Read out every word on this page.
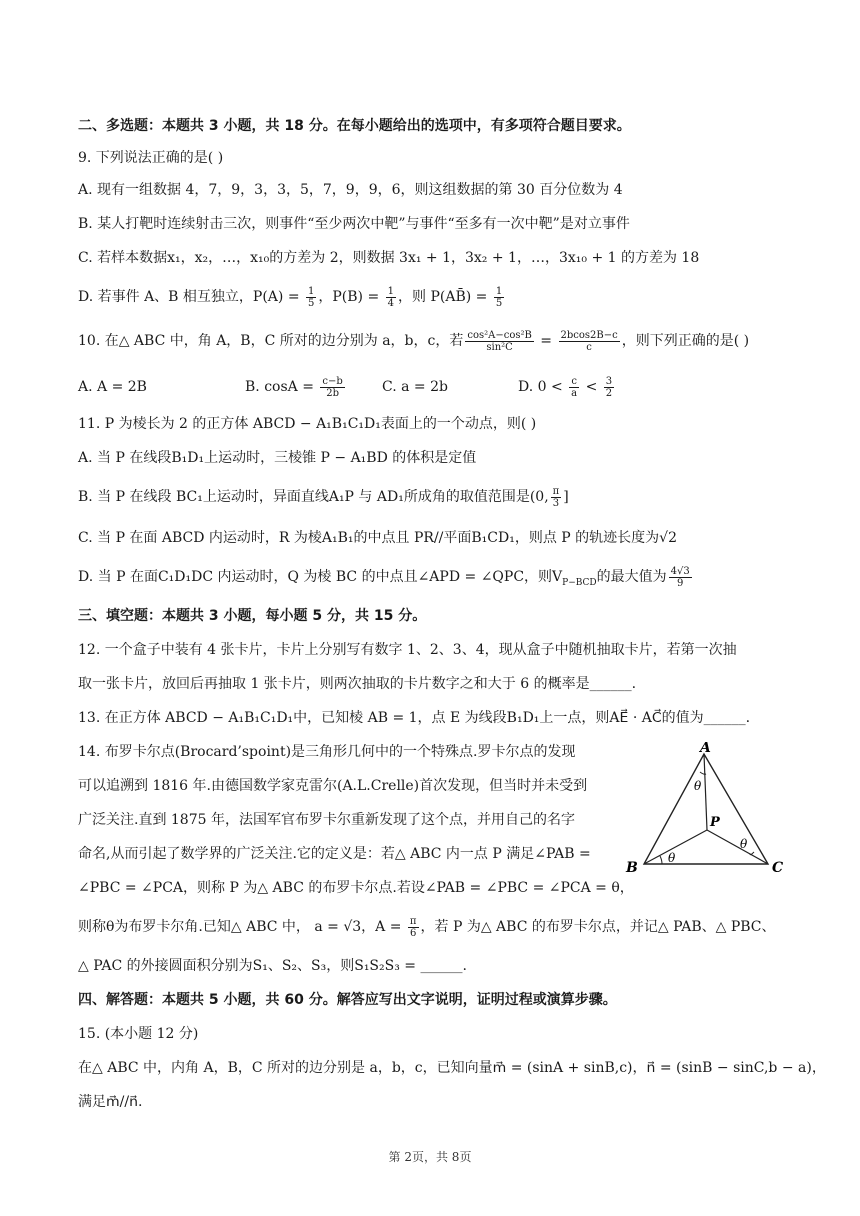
二、多选题：本题共 3 小题，共 18 分。在每小题给出的选项中，有多项符合题目要求。
9. 下列说法正确的是( )
A. 现有一组数据 4，7，9，3，3，5，7，9，9，6，则这组数据的第 30 百分位数为 4
B. 某人打靶时连续射击三次，则事件“至少两次中靶”与事件“至多有一次中靶”是对立事件
C. 若样本数据x₁，x₂，…，x₁₀的方差为 2，则数据 3x₁ + 1，3x₂ + 1，…，3x₁₀ + 1 的方差为 18
D. 若事件 A、B 相互独立，$P(A) = \frac{1}{5}$ ，$P(B) = \frac{1}{4}$ ，则 P(AB̄) = $\frac{1}{5}$
10. 在△ ABC 中，角 A，B，C 所对的边分别为 a，b，c，若 $\frac{\text{cos²A−cos²B}}{\text{sin²C}} = \frac{2bcos2B-c}{c}$ ，则下列正确的是( )
A. A = 2B	B. $\cos A = \frac{c-b}{2b}$	C. a = 2b	D. $0 < \frac{c}{a} < \frac{3}{2}$
11. P 为棱长为 2 的正方体 ABCD − A₁B₁C₁D₁表面上的一个动点，则( )
A. 当 P 在线段B₁D₁上运动时，三棱锥 P − A₁BD 的体积是定值
B. 当 P 在线段 BC₁上运动时，异面直线A₁P 与 AD₁所成角的取值范围是(0, $\frac{\pi}{3}$ ]
C. 当 P 在面 ABCD 内运动时，R 为棱A₁B₁的中点且 PR//平面B₁CD₁，则点 P 的轨迹长度为√2
D. 当 P 在面C₁D₁DC 内运动时，Q 为棱 BC 的中点且∠APD = ∠QPC，则$V_{P-BCD}$的最大值为 $\frac{4√3}{9}$
三、填空题：本题共 3 小题，每小题 5 分，共 15 分。
12. 一个盒子中装有 4 张卡片，卡片上分别写有数字 1、2、3、4，现从盒子中随机抽取卡片，若第一次抽
取一张卡片，放回后再抽取 1 张卡片，则两次抽取的卡片数字之和大于 6 的概率是______.
13. 在正方体 ABCD − A₁B₁C₁D₁中，已知棱 AB = 1，点 E 为线段B₁D₁上一点，则AE⃗ · AC⃗的值为______.
14. 布罗卡尔点(Brocard’spoint)是三角形几何中的一个特殊点.罗卡尔点的发现
可以追溯到 1816 年.由德国数学家克雷尔(A.L.Crelle)首次发现，但当时并未受到
广泛关注.直到 1875 年，法国军官布罗卡尔重新发现了这个点，并用自己的名字
命名,从而引起了数学界的广泛关注.它的定义是：若△ ABC 内一点 P 满足∠PAB =
∠PBC = ∠PCA，则称 P 为△ ABC 的布罗卡尔点.若设∠PAB = ∠PBC = ∠PCA = θ，
则称θ为布罗卡尔角.已知△ ABC 中， a = √3，$A = \frac{\pi}{6}$ ，若 P 为△ ABC 的布罗卡尔点，并记△ PAB、△ PBC、
△ PAC 的外接圆面积分别为S₁、S₂、S₃，则S₁S₂S₃ = ______.
A
B	C
P
θ
θ
θ
四、解答题：本题共 5 小题，共 60 分。解答应写出文字说明，证明过程或演算步骤。
15. (本小题 12 分)
在△ ABC 中，内角 A，B，C 所对的边分别是 a，b，c，已知向量m⃗ = (sinA + sinB,c)，n⃗ = (sinB − sinC,b − a)，
满足m⃗//n⃗.
第 2页，共 8页
